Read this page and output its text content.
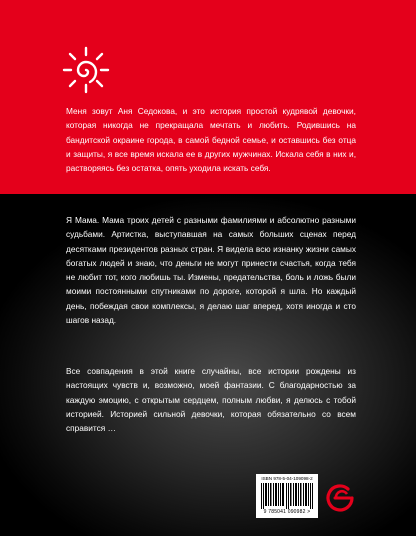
Меня зовут Аня Седокова, и это история простой кудрявой девочки, которая никогда не прекращала мечтать и любить. Родившись на бандитской окраине города, в самой бедной семье, и оставшись без отца и защиты, я все время искала ее в других мужчинах. Искала себя в них и, растворяясь без остатка, опять уходила искать себя.

Я Мама. Мама троих детей с разными фамилиями и абсолютно разными судьбами. Артистка, выступавшая на самых больших сценах перед десятками президентов разных стран. Я видела всю изнанку жизни самых богатых людей и знаю, что деньги не могут принести счастья, когда тебя не любит тот, кого любишь ты. Измены, предательства, боль и ложь были моими постоянными спутниками по дороге, которой я шла. Но каждый день, побеждая свои комплексы, я делаю шаг вперед, хотя иногда и сто шагов назад.

Все совпадения в этой книге случайны, все истории рождены из настоящих чувств и, возможно, моей фантазии. С благодарностью за каждую эмоцию, с открытым сердцем, полным любви, я делюсь с тобой историей. Историей сильной девочки, которая обязательно со всем справится …

ISBN 978-5-04-109098-2
9 785041 090982 >
